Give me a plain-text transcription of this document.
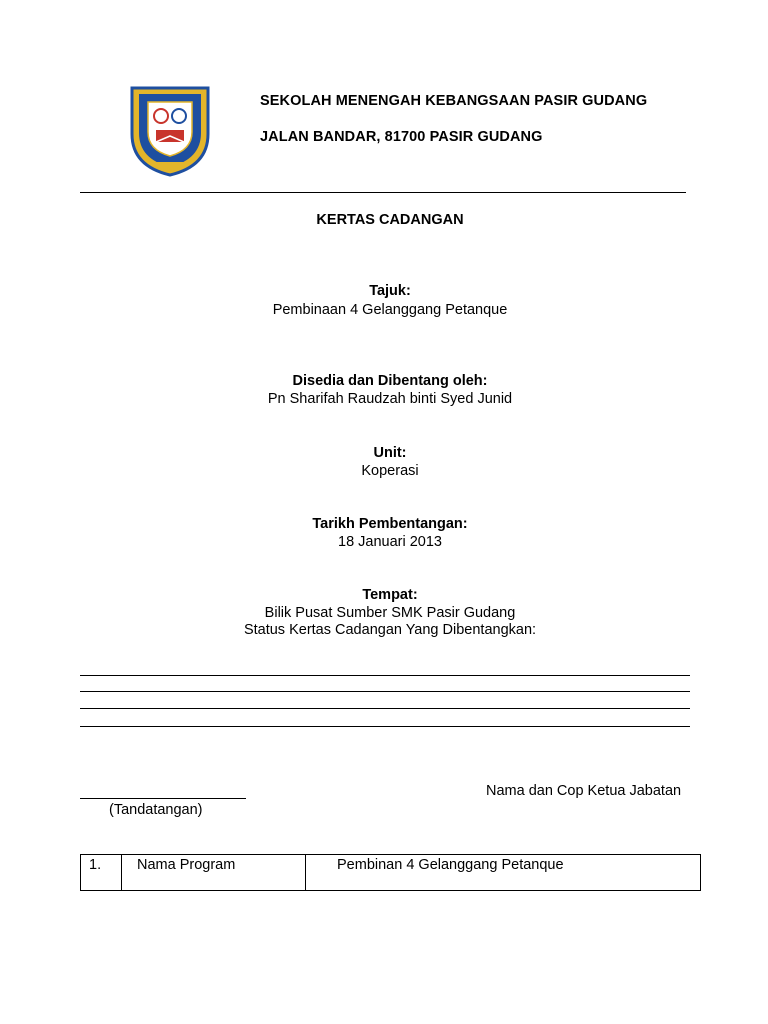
SEKOLAH MENENGAH KEBANGSAAN PASIR GUDANG
JALAN BANDAR, 81700 PASIR GUDANG
KERTAS CADANGAN
Tajuk:
Pembinaan 4 Gelanggang Petanque
Disedia dan Dibentang oleh:
Pn Sharifah Raudzah binti Syed Junid
Unit:
Koperasi
Tarikh Pembentangan:
18 Januari 2013
Tempat:
Bilik Pusat Sumber SMK Pasir Gudang
Status Kertas Cadangan Yang Dibentangkan:
(Tandatangan)
Nama dan Cop Ketua Jabatan
1.	Nama Program	Pembinan 4 Gelanggang Petanque
